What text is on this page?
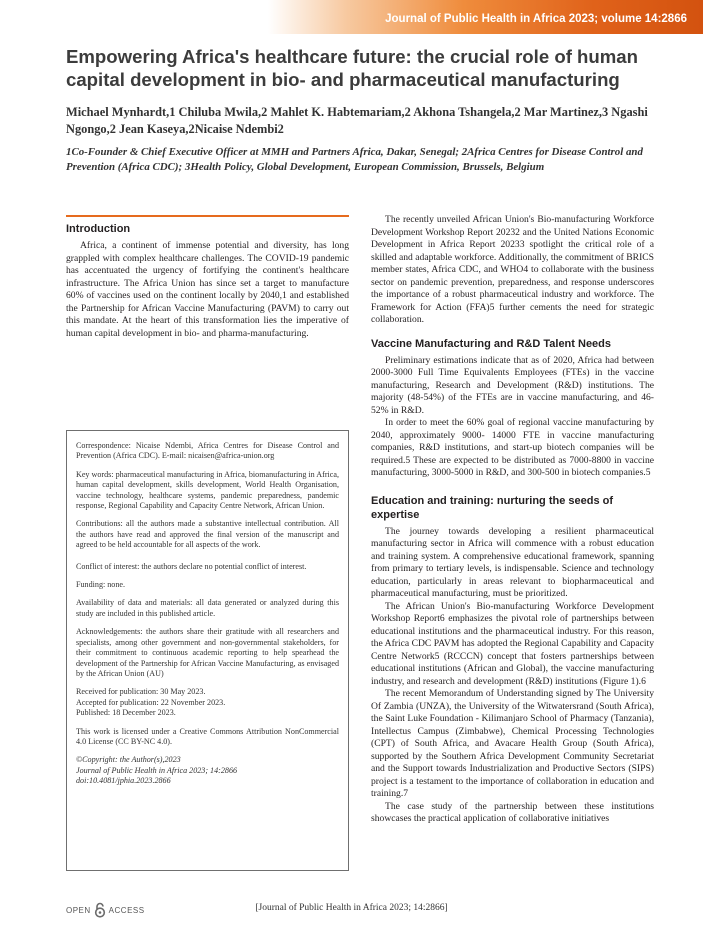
Journal of Public Health in Africa 2023; volume 14:2866
Empowering Africa's healthcare future: the crucial role of human capital development in bio- and pharmaceutical manufacturing
Michael Mynhardt,1 Chiluba Mwila,2 Mahlet K. Habtemariam,2 Akhona Tshangela,2 Mar Martinez,3 Ngashi Ngongo,2 Jean Kaseya,2Nicaise Ndembi2
1Co-Founder & Chief Executive Officer at MMH and Partners Africa, Dakar, Senegal; 2Africa Centres for Disease Control and Prevention (Africa CDC); 3Health Policy, Global Development, European Commission, Brussels, Belgium
Introduction

Africa, a continent of immense potential and diversity, has long grappled with complex healthcare challenges. The COVID-19 pandemic has accentuated the urgency of fortifying the continent's healthcare infrastructure. The Africa Union has since set a target to manufacture 60% of vaccines used on the continent locally by 2040,1 and established the Partnership for African Vaccine Manufacturing (PAVM) to carry out this mandate. At the heart of this transformation lies the imperative of human capital development in bio- and pharma-manufacturing.

Correspondence: Nicaise Ndembi, Africa Centres for Disease Control and Prevention (Africa CDC). E-mail: nicaisen@africa-union.org

Key words: pharmaceutical manufacturing in Africa, biomanufacturing in Africa, human capital development, skills development, World Health Organisation, vaccine technology, healthcare systems, pandemic preparedness, pandemic response, Regional Capability and Capacity Centre Network, African Union.

Contributions: all the authors made a substantive intellectual contribution. All the authors have read and approved the final version of the manuscript and agreed to be held accountable for all aspects of the work.

Conflict of interest: the authors declare no potential conflict of interest.

Funding: none.

Availability of data and materials: all data generated or analyzed during this study are included in this published article.

Acknowledgements: the authors share their gratitude with all researchers and specialists, among other government and non-governmental stakeholders, for their commitment to continuous academic reporting to help spearhead the development of the Partnership for African Vaccine Manufacturing, as envisaged by the African Union (AU)

Received for publication: 30 May 2023.

Accepted for publication: 22 November 2023.

Published: 18 December 2023.

This work is licensed under a Creative Commons Attribution NonCommercial 4.0 License (CC BY-NC 4.0).

©Copyright: the Author(s),2023

Journal of Public Health in Africa 2023; 14:2866

doi:10.4081/jphia.2023.2866

The recently unveiled African Union's Bio-manufacturing Workforce Development Workshop Report 20232 and the United Nations Economic Development in Africa Report 20233 spotlight the critical role of a skilled and adaptable workforce. Additionally, the commitment of BRICS member states, Africa CDC, and WHO4 to collaborate with the business sector on pandemic prevention, preparedness, and response underscores the importance of a robust pharmaceutical industry and workforce. The Framework for Action (FFA)5 further cements the need for strategic collaboration.

Vaccine Manufacturing and R&D Talent Needs

Preliminary estimations indicate that as of 2020, Africa had between 2000-3000 Full Time Equivalents Employees (FTEs) in the vaccine manufacturing, Research and Development (R&D) institutions. The majority (48-54%) of the FTEs are in vaccine manufacturing, and 46- 52% in R&D.

In order to meet the 60% goal of regional vaccine manufacturing by 2040, approximately 9000- 14000 FTE in vaccine manufacturing companies, R&D institutions, and start-up biotech companies will be required.5 These are expected to be distributed as 7000-8800 in vaccine manufacturing, 3000-5000 in R&D, and 300-500 in biotech companies.5

Education and training: nurturing the seeds of expertise

The journey towards developing a resilient pharmaceutical manufacturing sector in Africa will commence with a robust education and training system. A comprehensive educational framework, spanning from primary to tertiary levels, is indispensable. Science and technology education, particularly in areas relevant to biopharmaceutical and pharmaceutical manufacturing, must be prioritized.

The African Union's Bio-manufacturing Workforce Development Workshop Report6 emphasizes the pivotal role of partnerships between educational institutions and the pharmaceutical industry. For this reason, the Africa CDC PAVM has adopted the Regional Capability and Capacity Centre Network5 (RCCCN) concept that fosters partnerships between educational institutions (African and Global), the vaccine manufacturing industry, and research and development (R&D) institutions (Figure 1).6

The recent Memorandum of Understanding signed by The University Of Zambia (UNZA), the University of the Witwatersrand (South Africa), the Saint Luke Foundation - Kilimanjaro School of Pharmacy (Tanzania), Intellectus Campus (Zimbabwe), Chemical Processing Technologies (CPT) of South Africa, and Avacare Health Group (South Africa), supported by the Southern Africa Development Community Secretariat and the Support towards Industrialization and Productive Sectors (SIPS) project is a testament to the importance of collaboration in education and training.7

The case study of the partnership between these institutions showcases the practical application of collaborative initiatives

OPEN ACCESS	[Journal of Public Health in Africa 2023; 14:2866]
